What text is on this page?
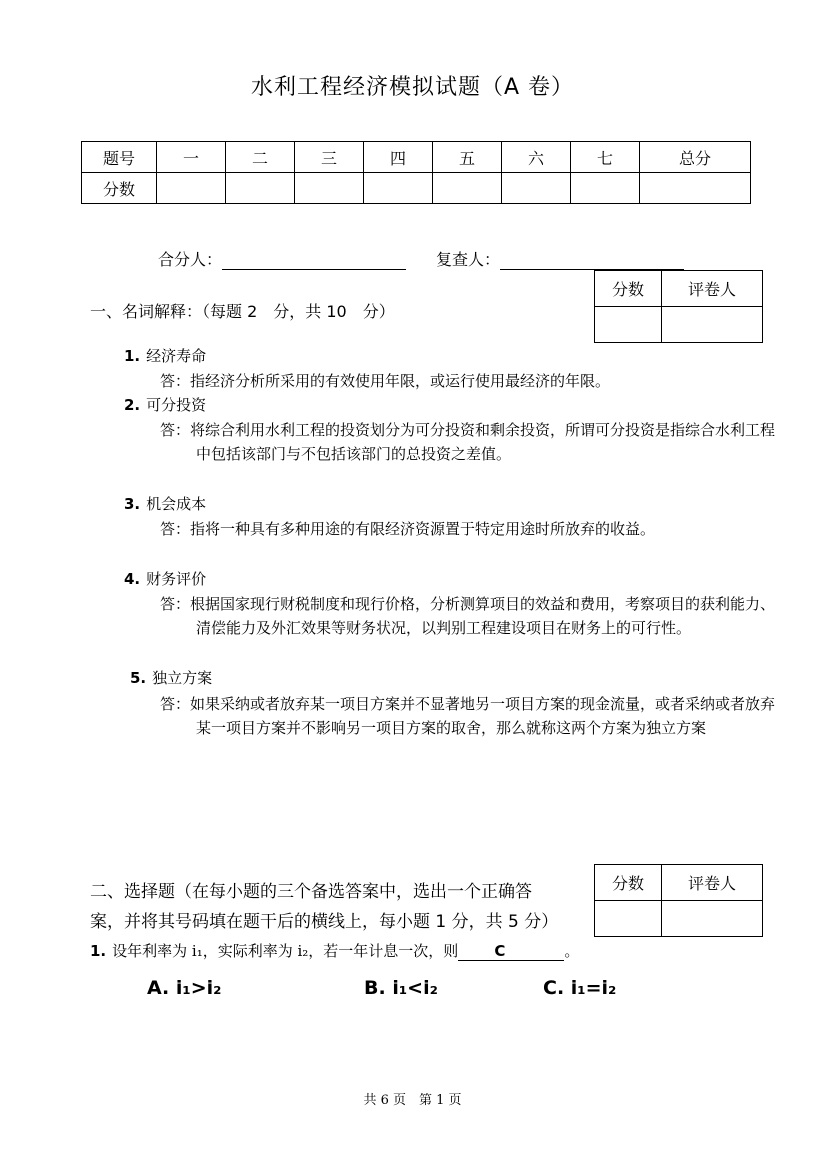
水利工程经济模拟试题（A 卷）
题号	一	二	三	四	五	六	七	总分
分数								
合分人：	复查人：
分数	评卷人

一、名词解释：（每题 2　分，共 10　分）
1. 经济寿命
答：指经济分析所采用的有效使用年限，或运行使用最经济的年限。
2. 可分投资
答：将综合利用水利工程的投资划分为可分投资和剩余投资，所谓可分投资是指综合水利工程中包括该部门与不包括该部门的总投资之差值。
3. 机会成本
答：指将一种具有多种用途的有限经济资源置于特定用途时所放弃的收益。
4. 财务评价
答：根据国家现行财税制度和现行价格，分析测算项目的效益和费用，考察项目的获利能力、清偿能力及外汇效果等财务状况，以判别工程建设项目在财务上的可行性。
5. 独立方案
答：如果采纳或者放弃某一项目方案并不显著地另一项目方案的现金流量，或者采纳或者放弃某一项目方案并不影响另一项目方案的取舍，那么就称这两个方案为独立方案
分数	评卷人

二、选择题（在每小题的三个备选答案中，选出一个正确答
案，并将其号码填在题干后的横线上，每小题 1 分，共 5 分）
1. 设年利率为 i₁，实际利率为 i₂，若一年计息一次，则 C	。
A. i₁>i₂	B. i₁<i₂	C. i₁=i₂
共 6 页　第 1 页
